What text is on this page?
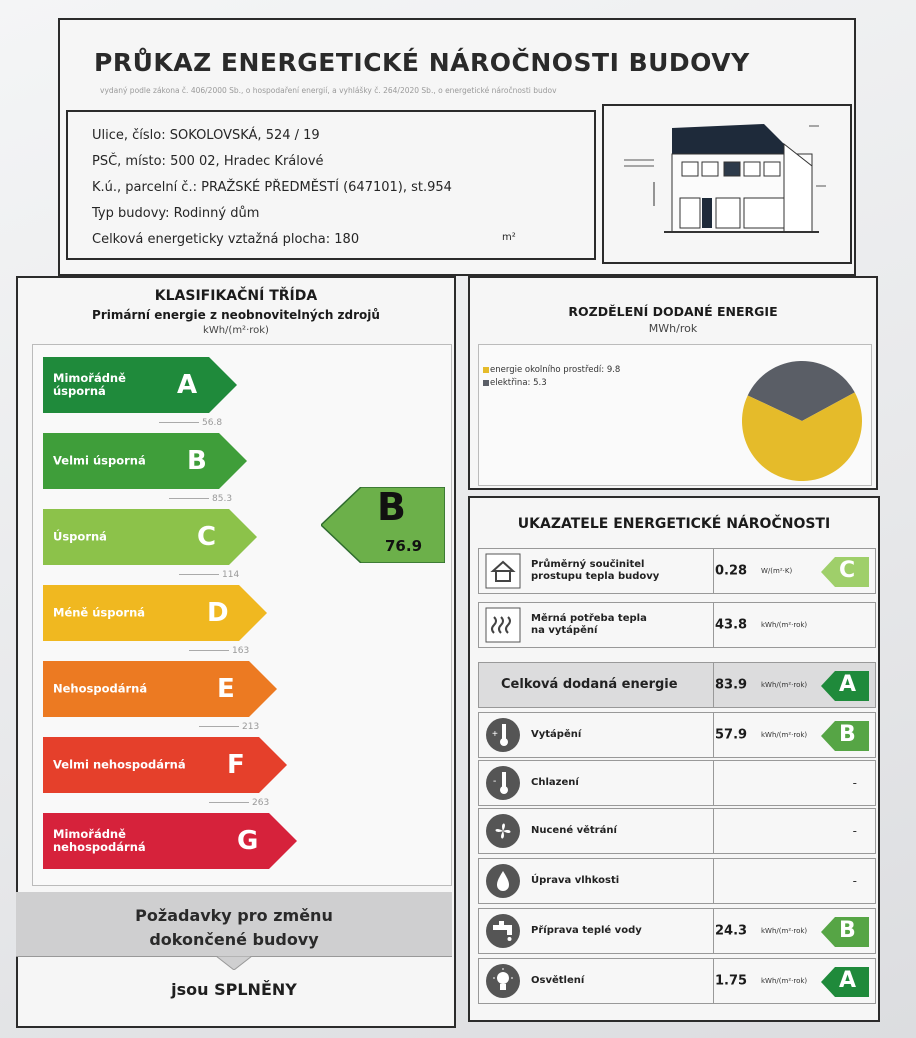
PRŮKAZ ENERGETICKÉ NÁROČNOSTI BUDOVY
vydaný podle zákona č. 406/2000 Sb., o hospodaření energií, a vyhlášky č. 264/2020 Sb., o energetické náročnosti budov
Ulice, číslo: SOKOLOVSKÁ, 524 / 19
PSČ, místo: 500 02, Hradec Králové
K.ú., parcelní č.: PRAŽSKÉ PŘEDMĚSTÍ (647101), st.954
Typ budovy: Rodinný dům
Celková energeticky vztažná plocha: 180	m²
KLASIFIKAČNÍ TŘÍDA
Primární energie z neobnovitelných zdrojů
kWh/(m²·rok)
Mimořádně úsporná	A
56.8
Velmi úsporná B
85.3
Úsporná	C
114
Méně úsporná D
163
Nehospodárná	E
213
Velmi nehospodárná F
263
Mimořádně nehospodárná	G
B
76.9
Požadavky pro změnu
dokončené budovy
jsou SPLNĚNY
ROZDĚLENÍ DODANÉ ENERGIE
MWh/rok
energie okolního prostředí: 9.8
elektřina: 5.3
UKAZATELE ENERGETICKÉ NÁROČNOSTI
Průměrný součinitel
prostupu tepla budovy	0.28 W/(m²·K) C
Měrná potřeba tepla
na vytápění	43.8 kWh/(m²·rok)
Celková dodaná energie	83.9 kWh/(m²·rok) A
+	Vytápění	57.9 kWh/(m²·rok) B
-	Chlazení	-
Nucené větrání	-
Úprava vlhkosti	-
Příprava teplé vody	24.3 kWh/(m²·rok) B
Osvětlení	1.75 kWh/(m²·rok) A
